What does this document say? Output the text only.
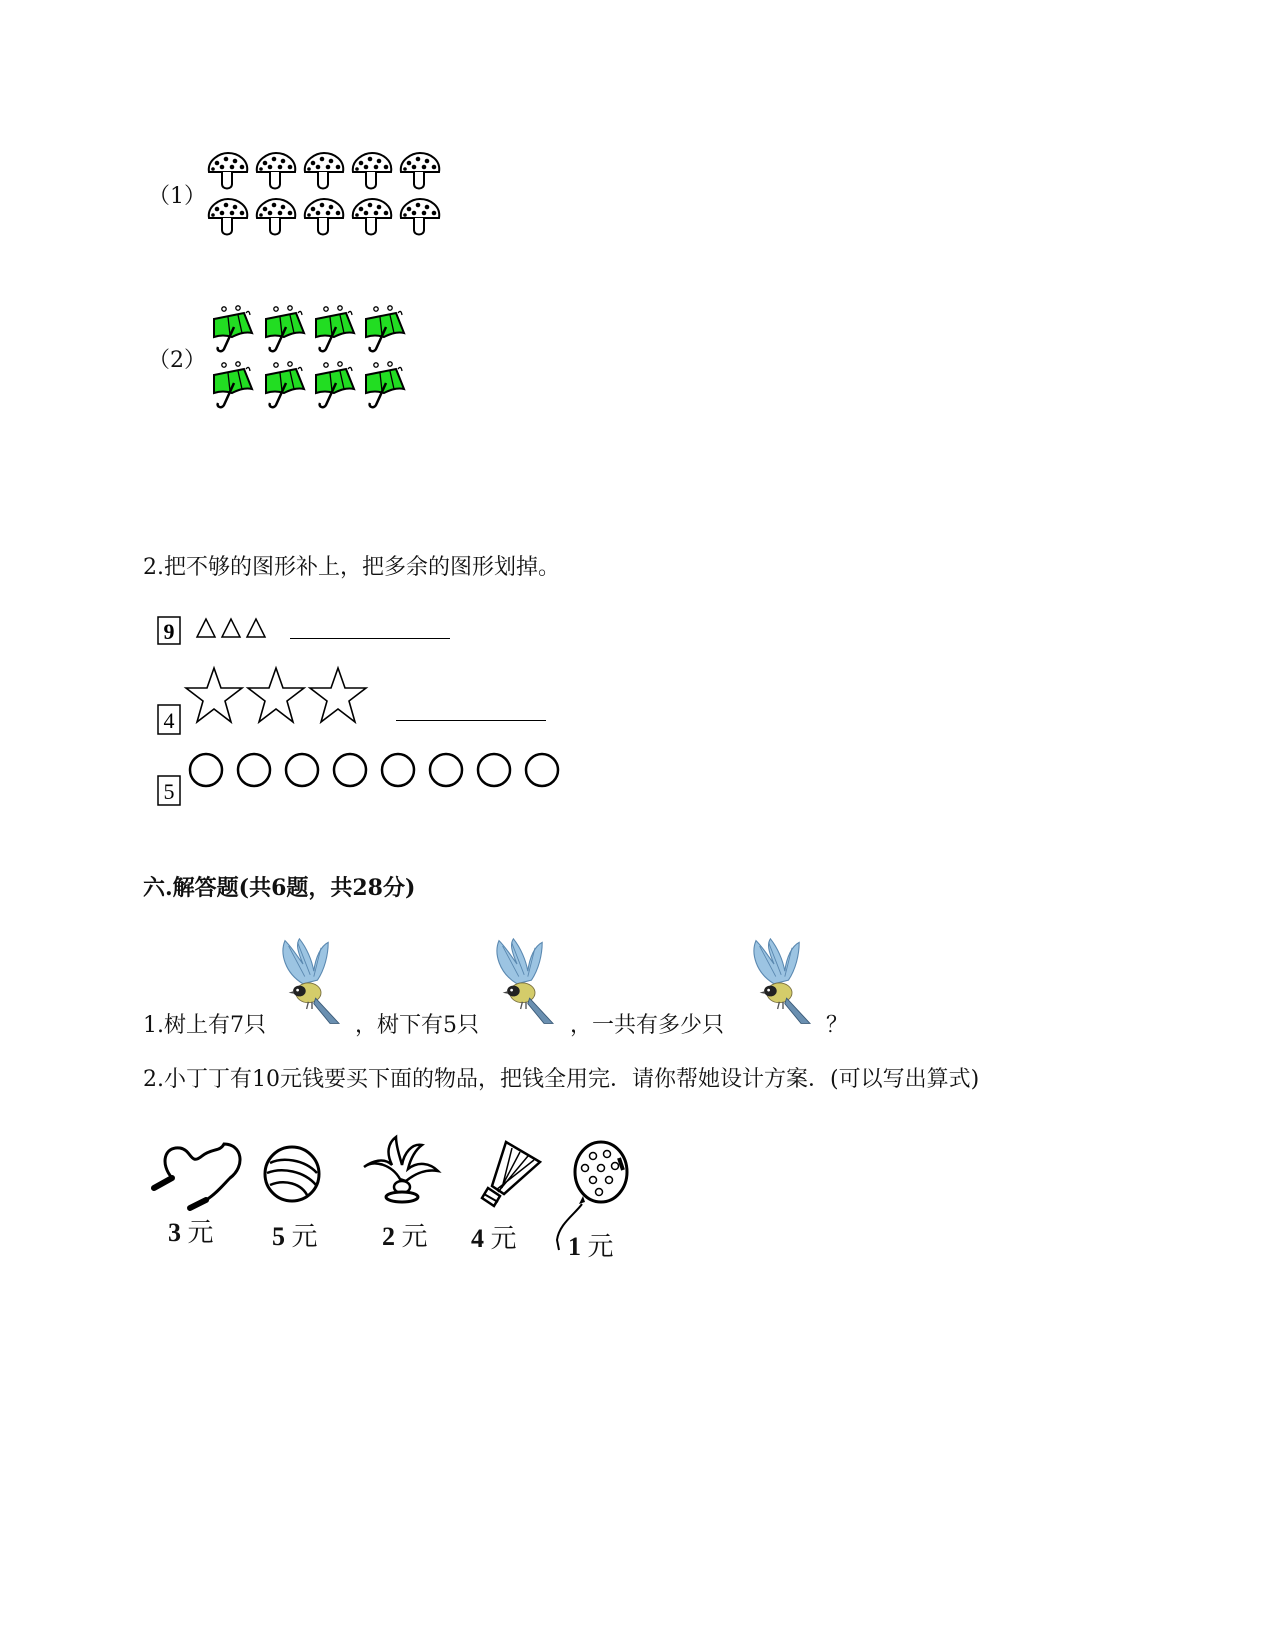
（1）
（2）
2.把不够的图形补上，把多余的图形划掉。
9
4
5
六.解答题(共6题，共28分)
1.树上有7只	，树下有5只	，一共有多少只	？
2.小丁丁有10元钱要买下面的物品，把钱全用完．请你帮她设计方案．(可以写出算式)
3 元 5 元 2 元 4 元 1 元
